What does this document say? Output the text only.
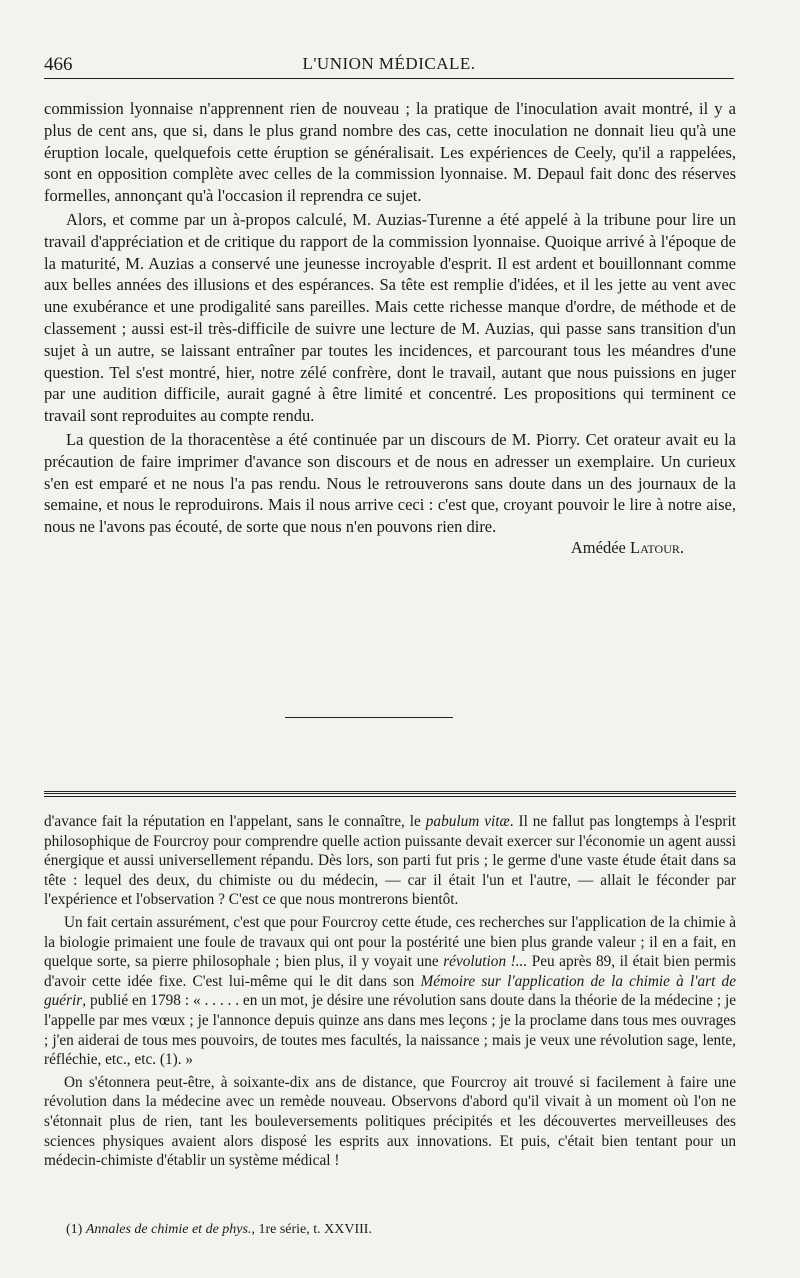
466	L'UNION MÉDICALE.

commission lyonnaise n'apprennent rien de nouveau ; la pratique de l'inoculation avait montré, il y a plus de cent ans, que si, dans le plus grand nombre des cas, cette inoculation ne donnait lieu qu'à une éruption locale, quelquefois cette éruption se généralisait. Les expériences de Ceely, qu'il a rappelées, sont en opposition complète avec celles de la commission lyonnaise. M. Depaul fait donc des réserves formelles, annonçant qu'à l'occasion il reprendra ce sujet.

Alors, et comme par un à-propos calculé, M. Auzias-Turenne a été appelé à la tribune pour lire un travail d'appréciation et de critique du rapport de la commission lyonnaise. Quoique arrivé à l'époque de la maturité, M. Auzias a conservé une jeunesse incroyable d'esprit. Il est ardent et bouillonnant comme aux belles années des illusions et des espérances. Sa tête est remplie d'idées, et il les jette au vent avec une exubérance et une prodigalité sans pareilles. Mais cette richesse manque d'ordre, de méthode et de classement ; aussi est-il très-difficile de suivre une lecture de M. Auzias, qui passe sans transition d'un sujet à un autre, se laissant entraîner par toutes les incidences, et parcourant tous les méandres d'une question. Tel s'est montré, hier, notre zélé confrère, dont le travail, autant que nous puissions en juger par une audition difficile, aurait gagné à être limité et concentré. Les propositions qui terminent ce travail sont reproduites au compte rendu.

La question de la thoracentèse a été continuée par un discours de M. Piorry. Cet orateur avait eu la précaution de faire imprimer d'avance son discours et de nous en adresser un exemplaire. Un curieux s'en est emparé et ne nous l'a pas rendu. Nous le retrouverons sans doute dans un des journaux de la semaine, et nous le reproduirons. Mais il nous arrive ceci : c'est que, croyant pouvoir le lire à notre aise, nous ne l'avons pas écouté, de sorte que nous n'en pouvons rien dire.

Amédée Latour.

d'avance fait la réputation en l'appelant, sans le connaître, le pabulum vitæ. Il ne fallut pas longtemps à l'esprit philosophique de Fourcroy pour comprendre quelle action puissante devait exercer sur l'économie un agent aussi énergique et aussi universellement répandu. Dès lors, son parti fut pris ; le germe d'une vaste étude était dans sa tête : lequel des deux, du chimiste ou du médecin, — car il était l'un et l'autre, — allait le féconder par l'expérience et l'observation ? C'est ce que nous montrerons bientôt.

Un fait certain assurément, c'est que pour Fourcroy cette étude, ces recherches sur l'application de la chimie à la biologie primaient une foule de travaux qui ont pour la postérité une bien plus grande valeur ; il en a fait, en quelque sorte, sa pierre philosophale ; bien plus, il y voyait une révolution !... Peu après 89, il était bien permis d'avoir cette idée fixe. C'est lui-même qui le dit dans son Mémoire sur l'application de la chimie à l'art de guérir, publié en 1798 : « . . . . . en un mot, je désire une révolution sans doute dans la théorie de la médecine ; je l'appelle par mes vœux ; je l'annonce depuis quinze ans dans mes leçons ; je la proclame dans tous mes ouvrages ; j'en aiderai de tous mes pouvoirs, de toutes mes facultés, la naissance ; mais je veux une révolution sage, lente, réfléchie, etc., etc. (1). »

On s'étonnera peut-être, à soixante-dix ans de distance, que Fourcroy ait trouvé si facilement à faire une révolution dans la médecine avec un remède nouveau. Observons d'abord qu'il vivait à un moment où l'on ne s'étonnait plus de rien, tant les bouleversements politiques précipités et les découvertes merveilleuses des sciences physiques avaient alors disposé les esprits aux innovations. Et puis, c'était bien tentant pour un médecin-chimiste d'établir un système médical !

(1) Annales de chimie et de phys., 1re série, t. XXVIII.
